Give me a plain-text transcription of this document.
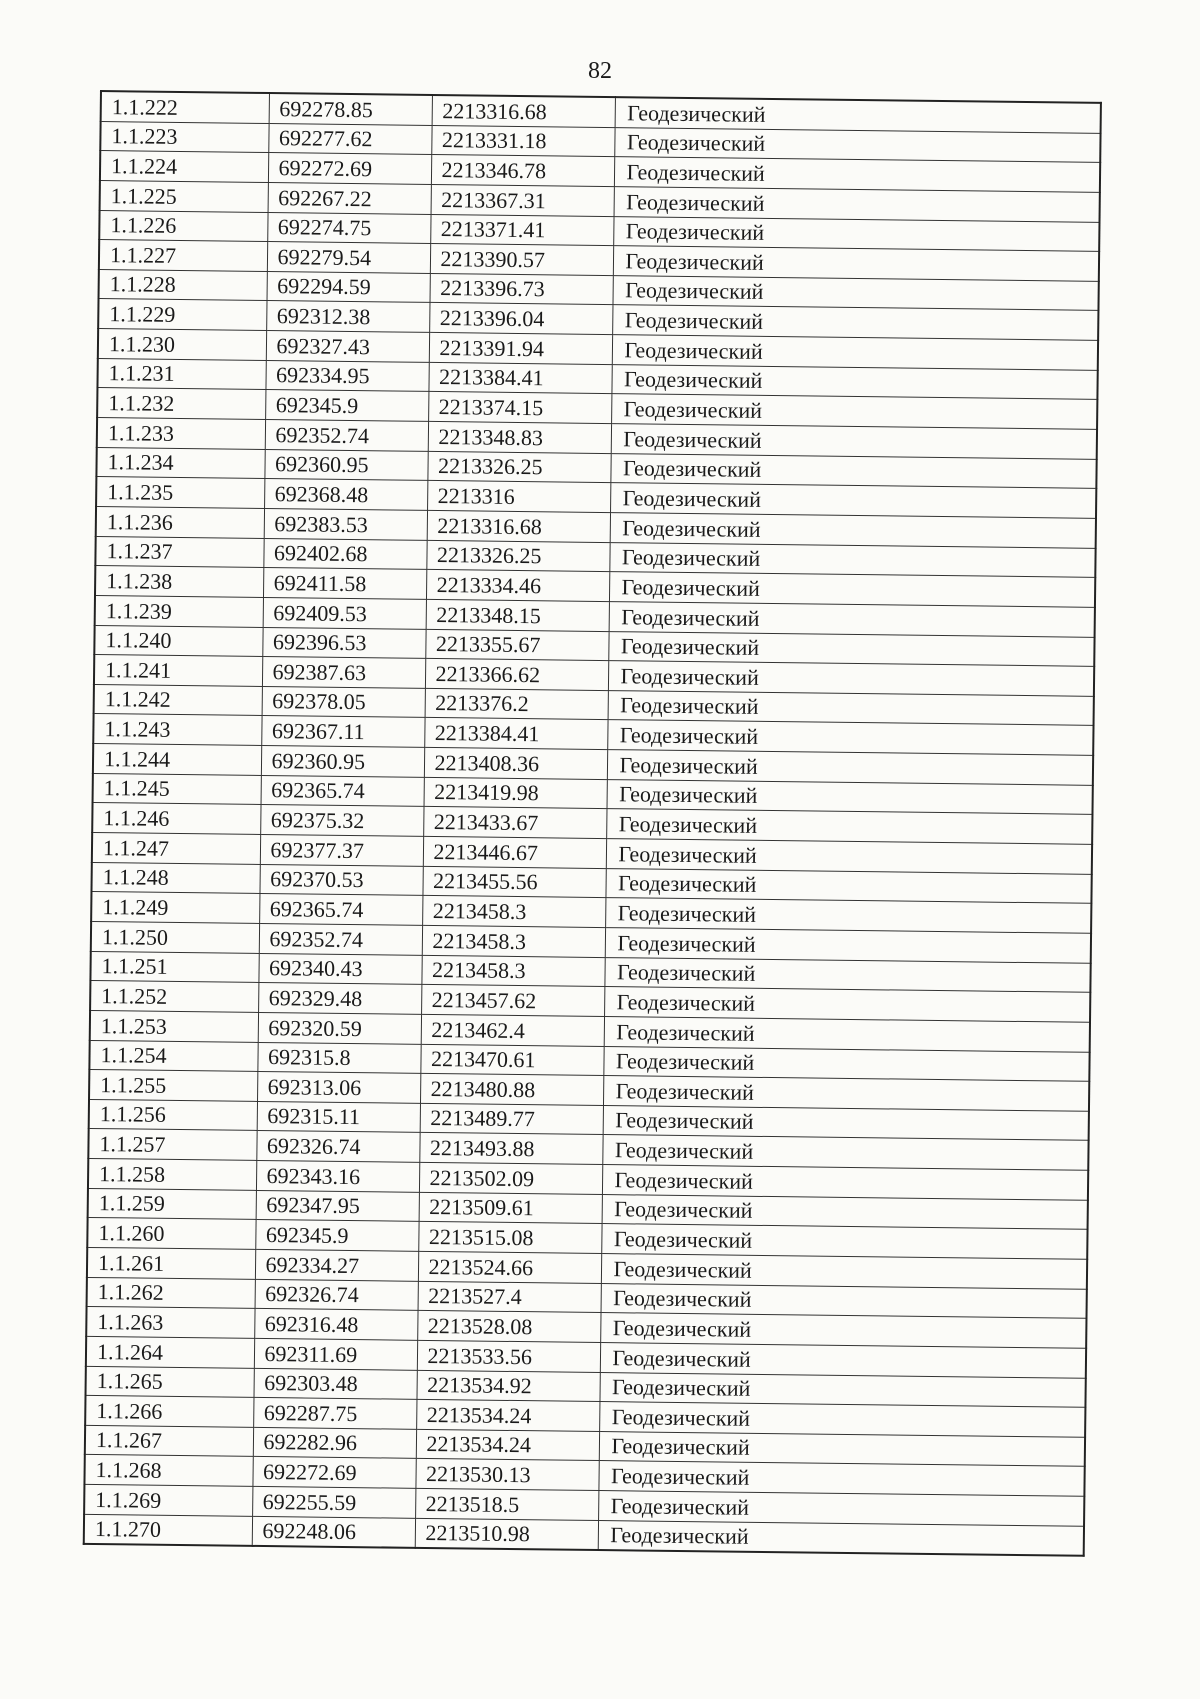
82
1.1.222	692278.85	2213316.68	Геодезический
1.1.223	692277.62	2213331.18	Геодезический
1.1.224	692272.69	2213346.78	Геодезический
1.1.225	692267.22	2213367.31	Геодезический
1.1.226	692274.75	2213371.41	Геодезический
1.1.227	692279.54	2213390.57	Геодезический
1.1.228	692294.59	2213396.73	Геодезический
1.1.229	692312.38	2213396.04	Геодезический
1.1.230	692327.43	2213391.94	Геодезический
1.1.231	692334.95	2213384.41	Геодезический
1.1.232	692345.9	2213374.15	Геодезический
1.1.233	692352.74	2213348.83	Геодезический
1.1.234	692360.95	2213326.25	Геодезический
1.1.235	692368.48	2213316	Геодезический
1.1.236	692383.53	2213316.68	Геодезический
1.1.237	692402.68	2213326.25	Геодезический
1.1.238	692411.58	2213334.46	Геодезический
1.1.239	692409.53	2213348.15	Геодезический
1.1.240	692396.53	2213355.67	Геодезический
1.1.241	692387.63	2213366.62	Геодезический
1.1.242	692378.05	2213376.2	Геодезический
1.1.243	692367.11	2213384.41	Геодезический
1.1.244	692360.95	2213408.36	Геодезический
1.1.245	692365.74	2213419.98	Геодезический
1.1.246	692375.32	2213433.67	Геодезический
1.1.247	692377.37	2213446.67	Геодезический
1.1.248	692370.53	2213455.56	Геодезический
1.1.249	692365.74	2213458.3	Геодезический
1.1.250	692352.74	2213458.3	Геодезический
1.1.251	692340.43	2213458.3	Геодезический
1.1.252	692329.48	2213457.62	Геодезический
1.1.253	692320.59	2213462.4	Геодезический
1.1.254	692315.8	2213470.61	Геодезический
1.1.255	692313.06	2213480.88	Геодезический
1.1.256	692315.11	2213489.77	Геодезический
1.1.257	692326.74	2213493.88	Геодезический
1.1.258	692343.16	2213502.09	Геодезический
1.1.259	692347.95	2213509.61	Геодезический
1.1.260	692345.9	2213515.08	Геодезический
1.1.261	692334.27	2213524.66	Геодезический
1.1.262	692326.74	2213527.4	Геодезический
1.1.263	692316.48	2213528.08	Геодезический
1.1.264	692311.69	2213533.56	Геодезический
1.1.265	692303.48	2213534.92	Геодезический
1.1.266	692287.75	2213534.24	Геодезический
1.1.267	692282.96	2213534.24	Геодезический
1.1.268	692272.69	2213530.13	Геодезический
1.1.269	692255.59	2213518.5	Геодезический
1.1.270	692248.06	2213510.98	Геодезический
